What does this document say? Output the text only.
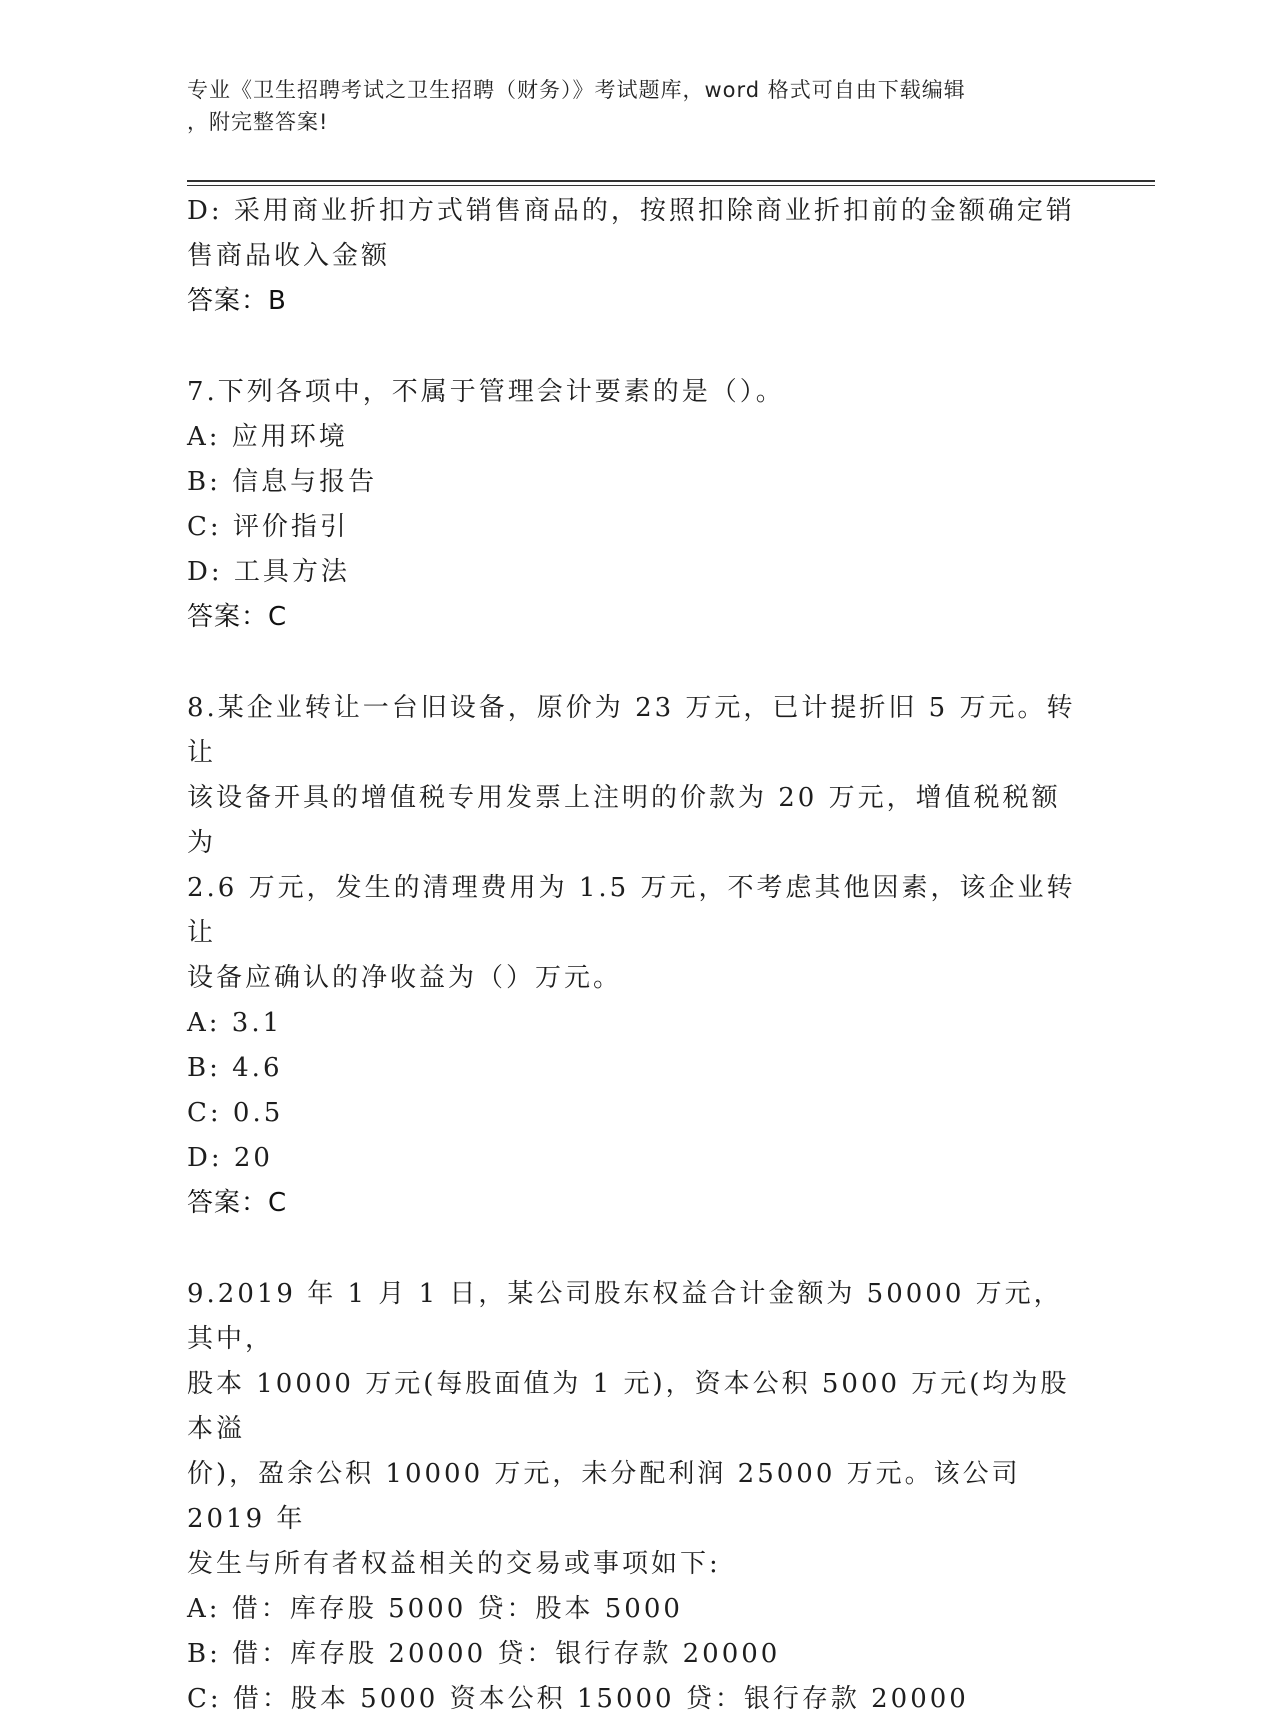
专业《卫生招聘考试之卫生招聘（财务）》考试题库，word 格式可自由下载编辑
，附完整答案!

D: 采用商业折扣方式销售商品的，按照扣除商业折扣前的金额确定销

售商品收入金额

答案：B

7.下列各项中，不属于管理会计要素的是（）。

A: 应用环境

B: 信息与报告

C: 评价指引

D: 工具方法

答案：C

8.某企业转让一台旧设备，原价为 23 万元，已计提折旧 5 万元。转让

该设备开具的增值税专用发票上注明的价款为 20 万元，增值税税额为

2.6 万元，发生的清理费用为 1.5 万元，不考虑其他因素，该企业转让

设备应确认的净收益为（）万元。

A: 3.1

B: 4.6

C: 0.5

D: 20

答案：C

9.2019 年 1 月 1 日，某公司股东权益合计金额为 50000 万元，其中，

股本 10000 万元(每股面值为 1 元)，资本公积 5000 万元(均为股本溢

价)，盈余公积 10000 万元，未分配利润 25000 万元。该公司 2019 年

发生与所有者权益相关的交易或事项如下:

A: 借：库存股 5000 贷：股本 5000

B: 借：库存股 20000 贷：银行存款 20000

C: 借：股本 5000 资本公积 15000 贷：银行存款 20000
